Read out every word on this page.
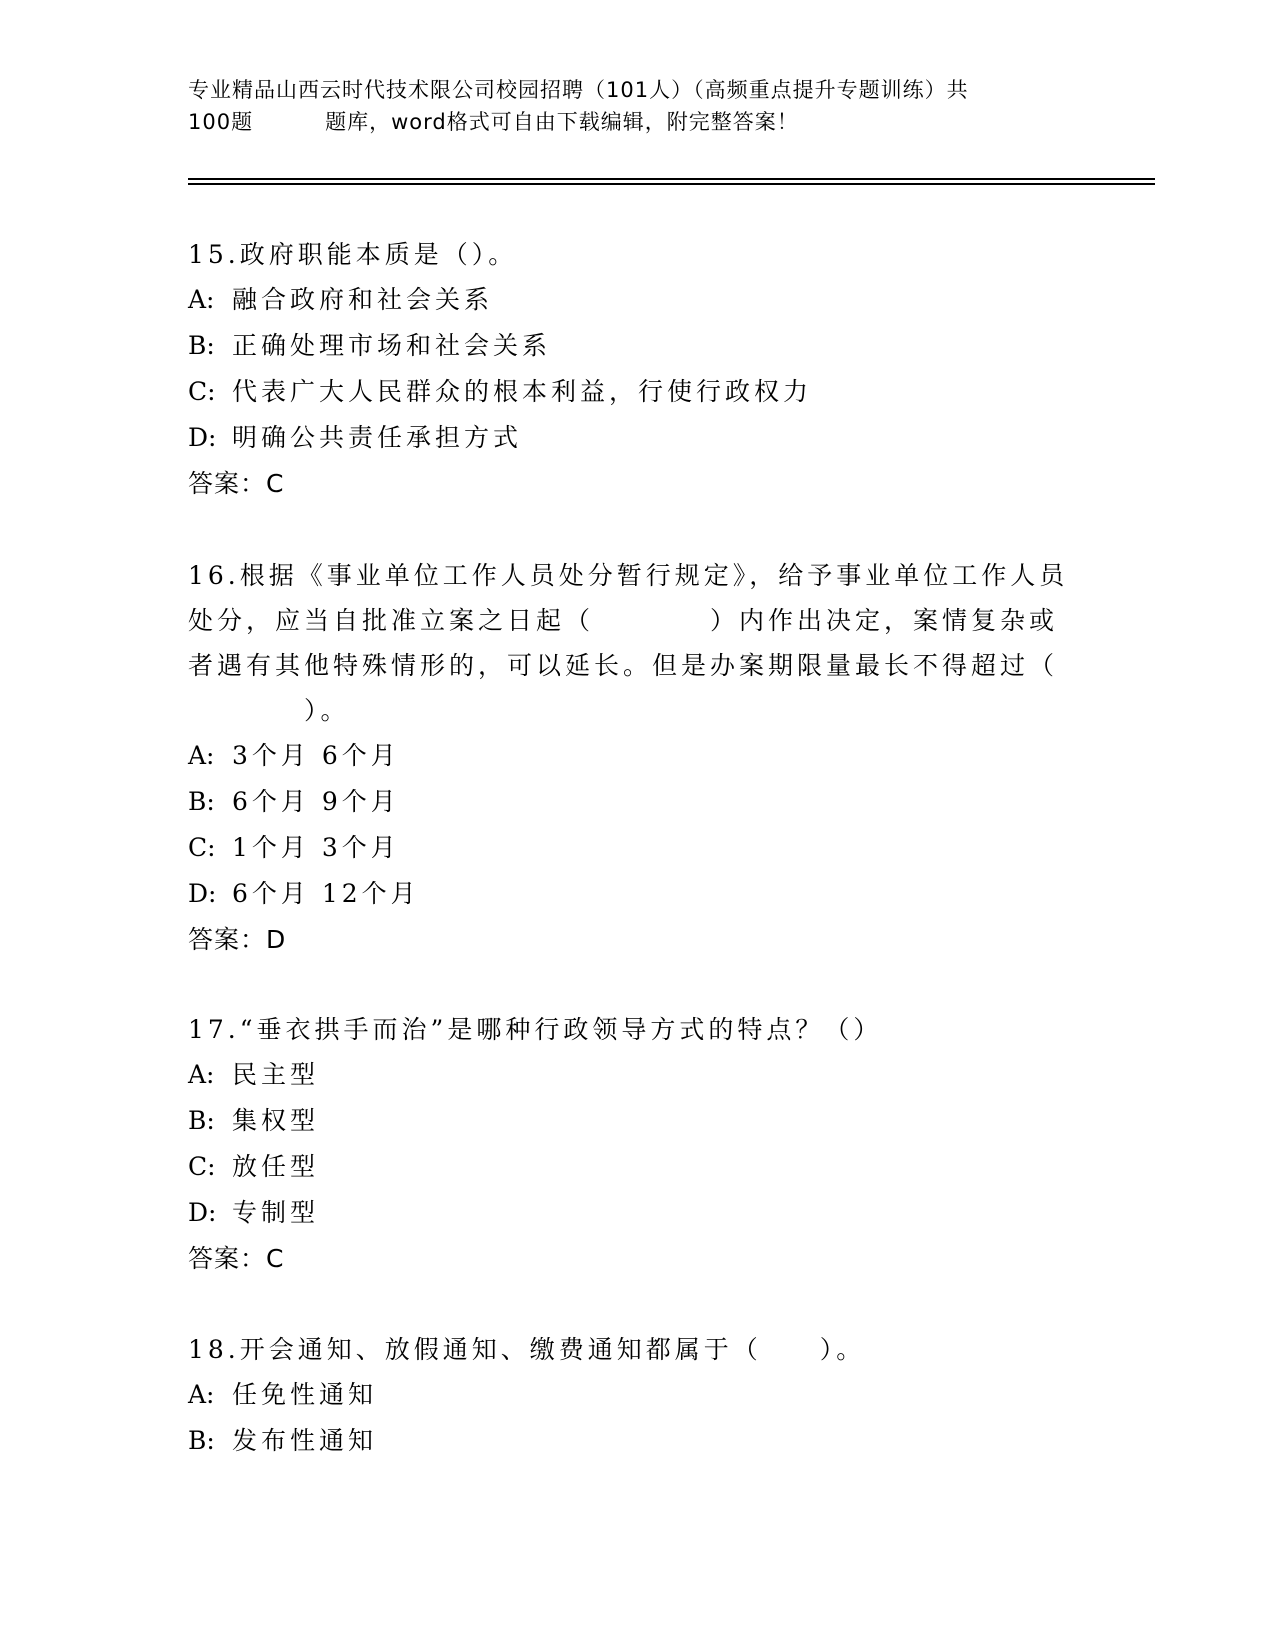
专业精品山西云时代技术限公司校园招聘（101人）（高频重点提升专题训练）共
100题	题库，word格式可自由下载编辑，附完整答案！

15.政府职能本质是（）。

A: 融合政府和社会关系

B: 正确处理市场和社会关系

C: 代表广大人民群众的根本利益，行使行政权力

D: 明确公共责任承担方式

答案：C

16.根据《事业单位工作人员处分暂行规定》，给予事业单位工作人员

处分，应当自批准立案之日起（　　　　）内作出决定，案情复杂或

者遇有其他特殊情形的，可以延长。但是办案期限量最长不得超过（

　　　　）。

A: 3个月 6个月

B: 6个月 9个月

C: 1个月 3个月

D: 6个月 12个月

答案：D

17.“垂衣拱手而治”是哪种行政领导方式的特点？（）

A: 民主型

B: 集权型

C: 放任型

D: 专制型

答案：C

18.开会通知、放假通知、缴费通知都属于（　　）。

A: 任免性通知

B: 发布性通知
